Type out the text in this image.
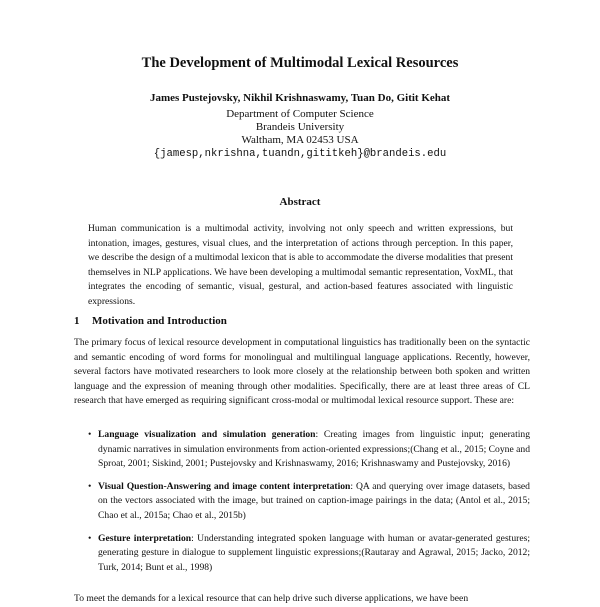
The Development of Multimodal Lexical Resources
James Pustejovsky, Nikhil Krishnaswamy, Tuan Do, Gitit Kehat
Department of Computer Science
Brandeis University
Waltham, MA 02453 USA
{jamesp,nkrishna,tuandn,gititkeh}@brandeis.edu
Abstract

Human communication is a multimodal activity, involving not only speech and written expressions, but intonation, images, gestures, visual clues, and the interpretation of actions through perception. In this paper, we describe the design of a multimodal lexicon that is able to accommodate the diverse modalities that present themselves in NLP applications. We have been developing a multimodal semantic representation, VoxML, that integrates the encoding of semantic, visual, gestural, and action-based features associated with linguistic expressions.

1 Motivation and Introduction

The primary focus of lexical resource development in computational linguistics has traditionally been on the syntactic and semantic encoding of word forms for monolingual and multilingual language applications. Recently, however, several factors have motivated researchers to look more closely at the relationship between both spoken and written language and the expression of meaning through other modalities. Specifically, there are at least three areas of CL research that have emerged as requiring significant cross-modal or multimodal lexical resource support. These are:

• Language visualization and simulation generation: Creating images from linguistic input; generating dynamic narratives in simulation environments from action-oriented expressions;(Chang et al., 2015; Coyne and Sproat, 2001; Siskind, 2001; Pustejovsky and Krishnaswamy, 2016; Krishnaswamy and Pustejovsky, 2016)
• Visual Question-Answering and image content interpretation: QA and querying over image datasets, based on the vectors associated with the image, but trained on caption-image pairings in the data; (Antol et al., 2015; Chao et al., 2015a; Chao et al., 2015b)
• Gesture interpretation: Understanding integrated spoken language with human or avatar-generated gestures; generating gesture in dialogue to supplement linguistic expressions;(Rautaray and Agrawal, 2015; Jacko, 2012; Turk, 2014; Bunt et al., 1998)

To meet the demands for a lexical resource that can help drive such diverse applications, we have been
